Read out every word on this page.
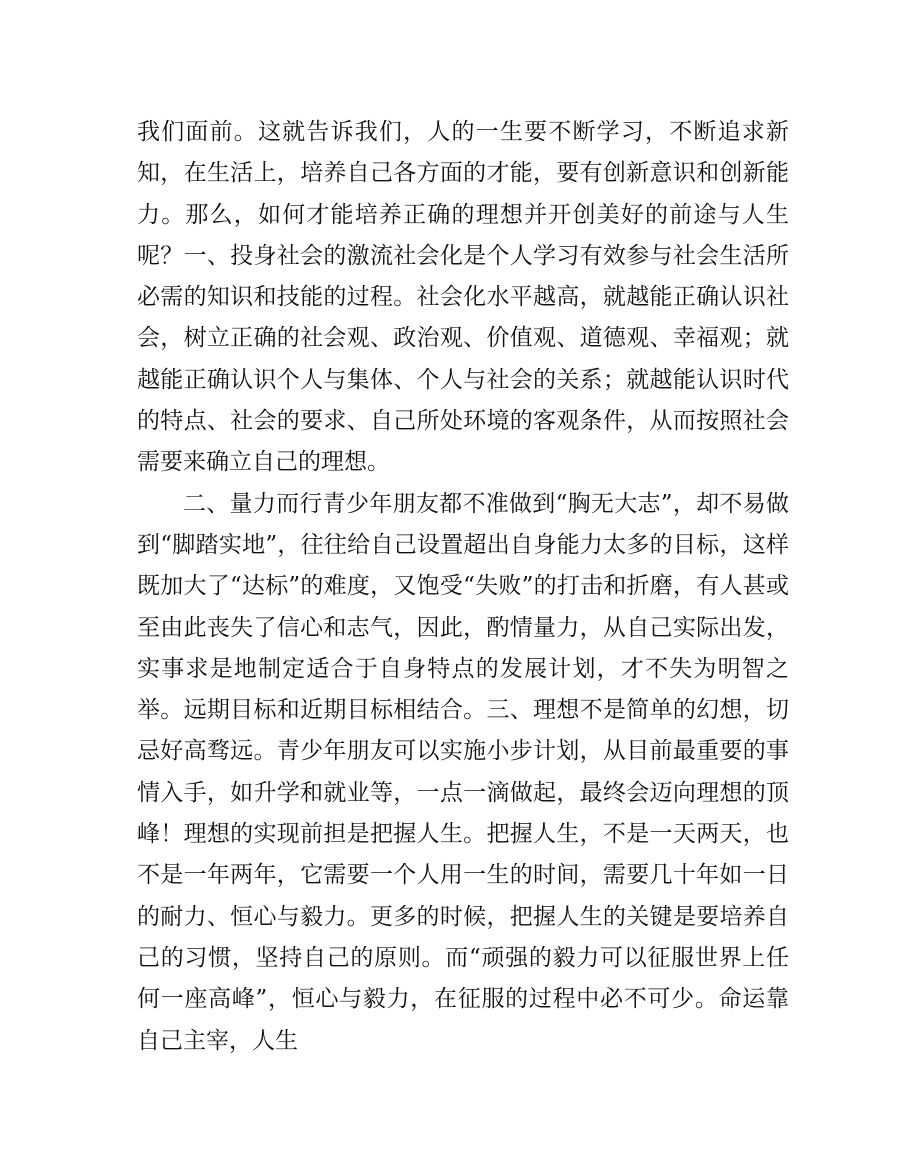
我们面前。这就告诉我们，人的一生要不断学习，不断追求新知，在生活上，培养自己各方面的才能，要有创新意识和创新能力。那么，如何才能培养正确的理想并开创美好的前途与人生呢？一、投身社会的激流社会化是个人学习有效参与社会生活所必需的知识和技能的过程。社会化水平越高，就越能正确认识社会，树立正确的社会观、政治观、价值观、道德观、幸福观；就越能正确认识个人与集体、个人与社会的关系；就越能认识时代的特点、社会的要求、自己所处环境的客观条件，从而按照社会需要来确立自己的理想。

二、量力而行青少年朋友都不准做到“胸无大志”，却不易做到“脚踏实地”，往往给自己设置超出自身能力太多的目标，这样既加大了“达标”的难度，又饱受“失败”的打击和折磨，有人甚或至由此丧失了信心和志气，因此，酌情量力，从自己实际出发，实事求是地制定适合于自身特点的发展计划，才不失为明智之举。远期目标和近期目标相结合。三、理想不是简单的幻想，切忌好高骛远。青少年朋友可以实施小步计划，从目前最重要的事情入手，如升学和就业等，一点一滴做起，最终会迈向理想的顶峰！理想的实现前担是把握人生。把握人生，不是一天两天，也不是一年两年，它需要一个人用一生的时间，需要几十年如一日的耐力、恒心与毅力。更多的时候，把握人生的关键是要培养自己的习惯，坚持自己的原则。而“顽强的毅力可以征服世界上任何一座高峰”，恒心与毅力，在征服的过程中必不可少。命运靠自己主宰，人生
